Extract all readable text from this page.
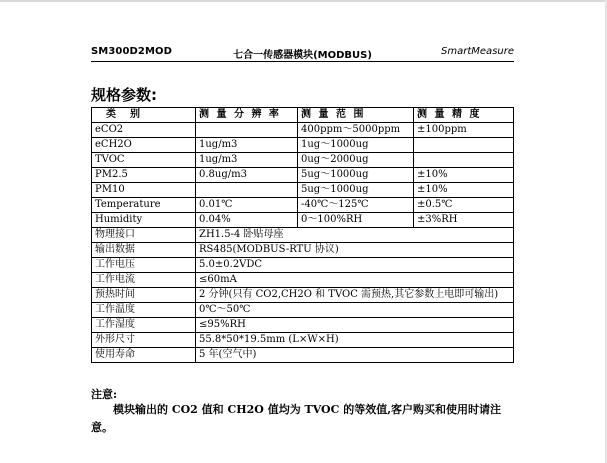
SM300D2MOD	七合一传感器模块(MODBUS)	SmartMeasure
规格参数:
类　别	测 量 分 辨 率	测 量 范 围	测 量 精 度
eCO2		400ppm～5000ppm	±100ppm
eCH2O	1ug/m3	1ug～1000ug	
TVOC	1ug/m3	0ug～2000ug	
PM2.5	0.8ug/m3	5ug～1000ug	±10%
PM10		5ug～1000ug	±10%
Temperature	0.01℃	-40℃～125℃	±0.5℃
Humidity	0.04%	0～100%RH	±3%RH
物理接口	ZH1.5-4 卧贴母座		
输出数据	RS485(MODBUS-RTU 协议)		
工作电压	5.0±0.2VDC		
工作电流	≤60mA		
预热时间	2 分钟(只有 CO2,CH2O 和 TVOC 需预热,其它参数上电即可输出)		
工作温度	0℃～50℃		
工作湿度	≤95%RH		
外形尺寸	55.8*50*19.5mm (L×W×H)		
使用寿命	5 年(空气中)		
注意:
模块输出的 CO2 值和 CH2O 值均为 TVOC 的等效值,客户购买和使用时请注意。
